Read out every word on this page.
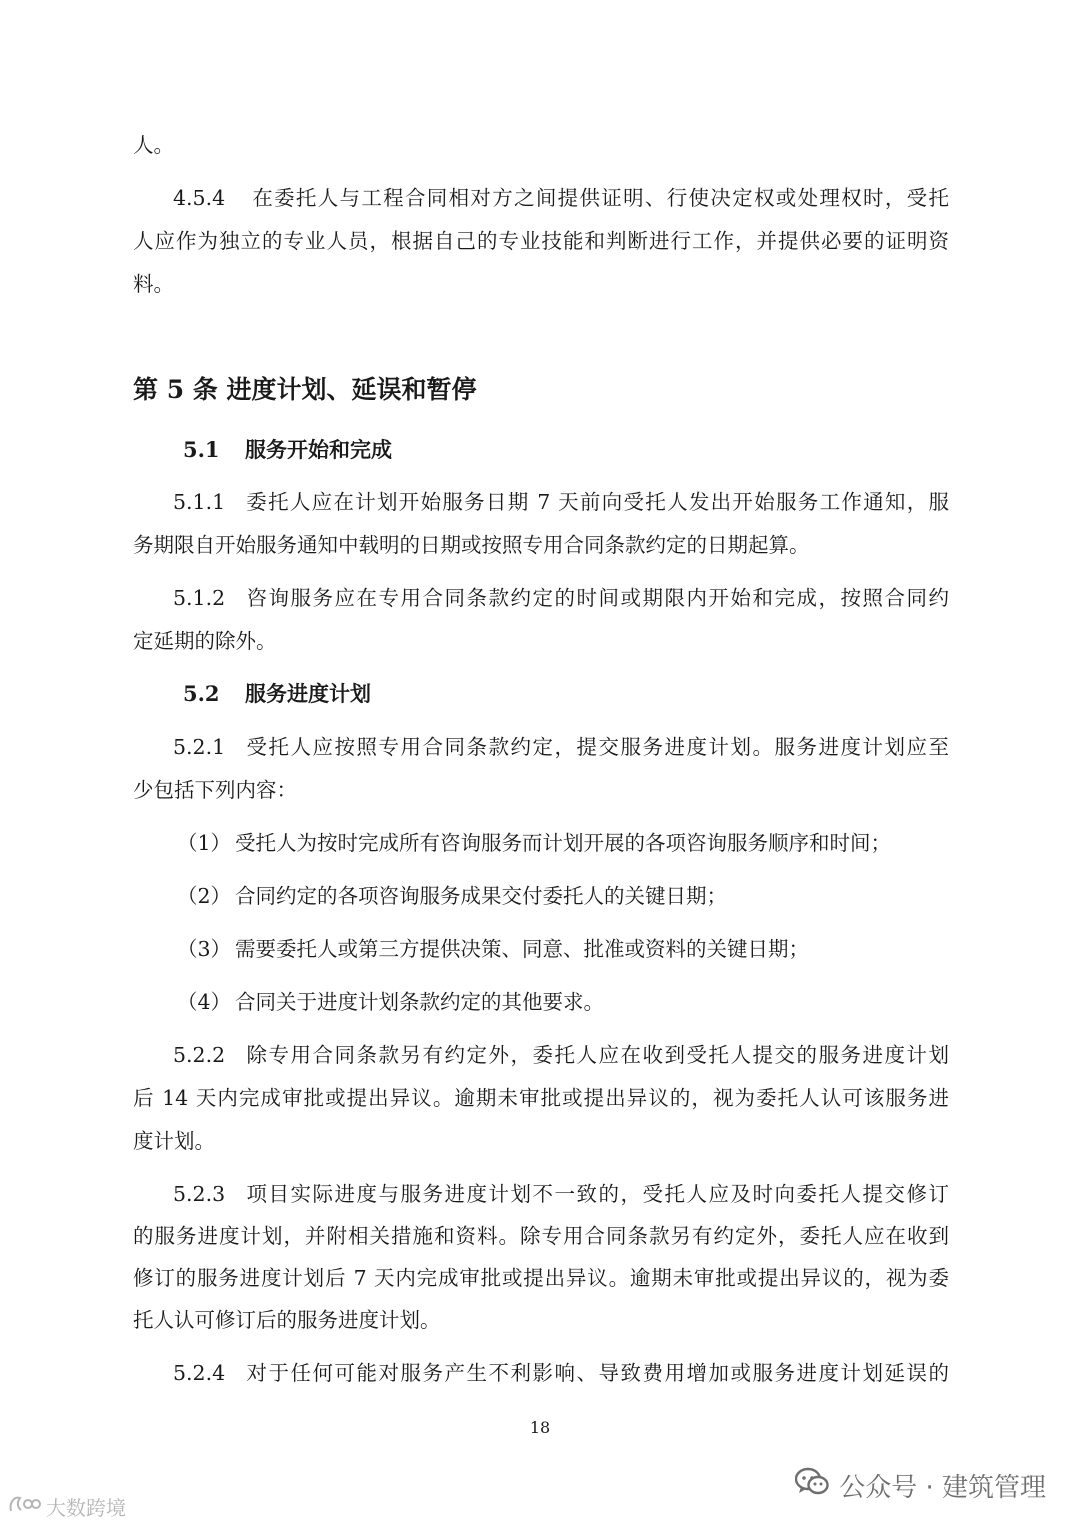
人。
4.5.4 在委托人与工程合同相对方之间提供证明、行使决定权或处理权时，受托
人应作为独立的专业人员，根据自己的专业技能和判断进行工作，并提供必要的证明资
料。
第 5 条 进度计划、延误和暂停
5.1 服务开始和完成
5.1.1 委托人应在计划开始服务日期 7 天前向受托人发出开始服务工作通知，服
务期限自开始服务通知中载明的日期或按照专用合同条款约定的日期起算。
5.1.2 咨询服务应在专用合同条款约定的时间或期限内开始和完成，按照合同约
定延期的除外。
5.2 服务进度计划
5.2.1 受托人应按照专用合同条款约定，提交服务进度计划。服务进度计划应至
少包括下列内容：
（1） 受托人为按时完成所有咨询服务而计划开展的各项咨询服务顺序和时间；
（2） 合同约定的各项咨询服务成果交付委托人的关键日期；
（3） 需要委托人或第三方提供决策、同意、批准或资料的关键日期；
（4） 合同关于进度计划条款约定的其他要求。
5.2.2 除专用合同条款另有约定外，委托人应在收到受托人提交的服务进度计划
后 14 天内完成审批或提出异议。逾期未审批或提出异议的，视为委托人认可该服务进
度计划。
5.2.3 项目实际进度与服务进度计划不一致的，受托人应及时向委托人提交修订
的服务进度计划，并附相关措施和资料。除专用合同条款另有约定外，委托人应在收到
修订的服务进度计划后 7 天内完成审批或提出异议。逾期未审批或提出异议的，视为委
托人认可修订后的服务进度计划。
5.2.4 对于任何可能对服务产生不利影响、导致费用增加或服务进度计划延误的
18
公众号 · 建筑管理
大数跨境
